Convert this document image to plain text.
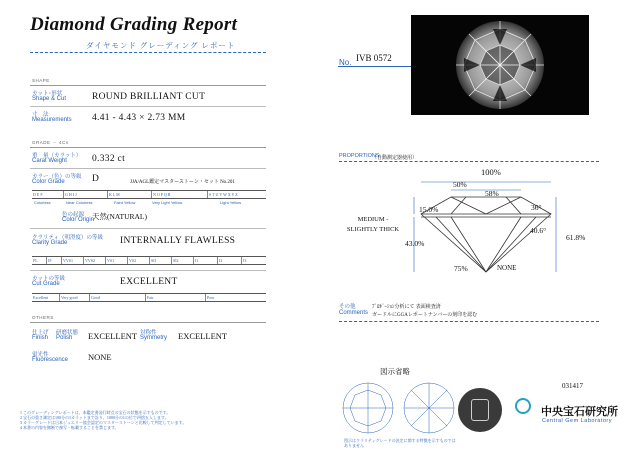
Diamond Grading Report
ダイヤモンド グレーディング レポート
No. IVB 0572
SHAPE
カット･形状
Shape & Cut	ROUND BRILLIANT CUT
寸　法
Measurements 4.41 - 4.43 × 2.73 MM
GRADE － 4Cs
重　量（カラット）
Carat Weight	0.332 ct
カラー（色）の等級
Color Grade	D	JJA/AGL鑑定マスターストーン・セット No.201
D E F	G H I J	K L M	N O P Q R	S T U V W X Y Z
Colorless	Near Colorless	Faint Yellow	Very Light Yellow	Light Yellow
色の起源
Color Origin
天然(NATURAL)
クラリティ（明澄度）の等級
Clarity Grade	INTERNALLY FLAWLESS
FL	IF	VVS1	VVS2	VS1	VS2	SI1	SI2	I1	I2	I3
カットの等級
Cut Grade	EXCELLENT
Excellent	Very good	Good	Fair	Poor
OTHERS
仕上げ
Finish
研磨状態
Polish EXCELLENT 対称性
Symmetry EXCELLENT
蛍光性
Fluorescence NONE
PROPORTIONS
（自動測定器使用）
100%
50%
58%
15.0%	36°
MEDIUM - SLIGHTLY THICK
43.0%
40.6°
61.8%
75%	NONE
その他
Comments
ﾌﾟﾛﾎﾟｰｼｮﾝ分析にて 表面検査済
ガードルにGGAレポートナンバーの刻印を認む
図示省略
図示はクラリティグレードの決定に関する特徴を示すものではありません
031417
中央宝石研究所
Central Gem Laboratory
1 このグレーディングレポートは、本鑑定書発行時点の宝石の状態を示すものです。
2 宝石の重さ測定は100分の1カラットまで計り、1000分の1の位で四捨五入します。
3 カラーグレードは日本ジュエリー協会認定のマスターストーンと比較して判定しています。
4 本書の内容を無断で複写・転載することを禁じます。
